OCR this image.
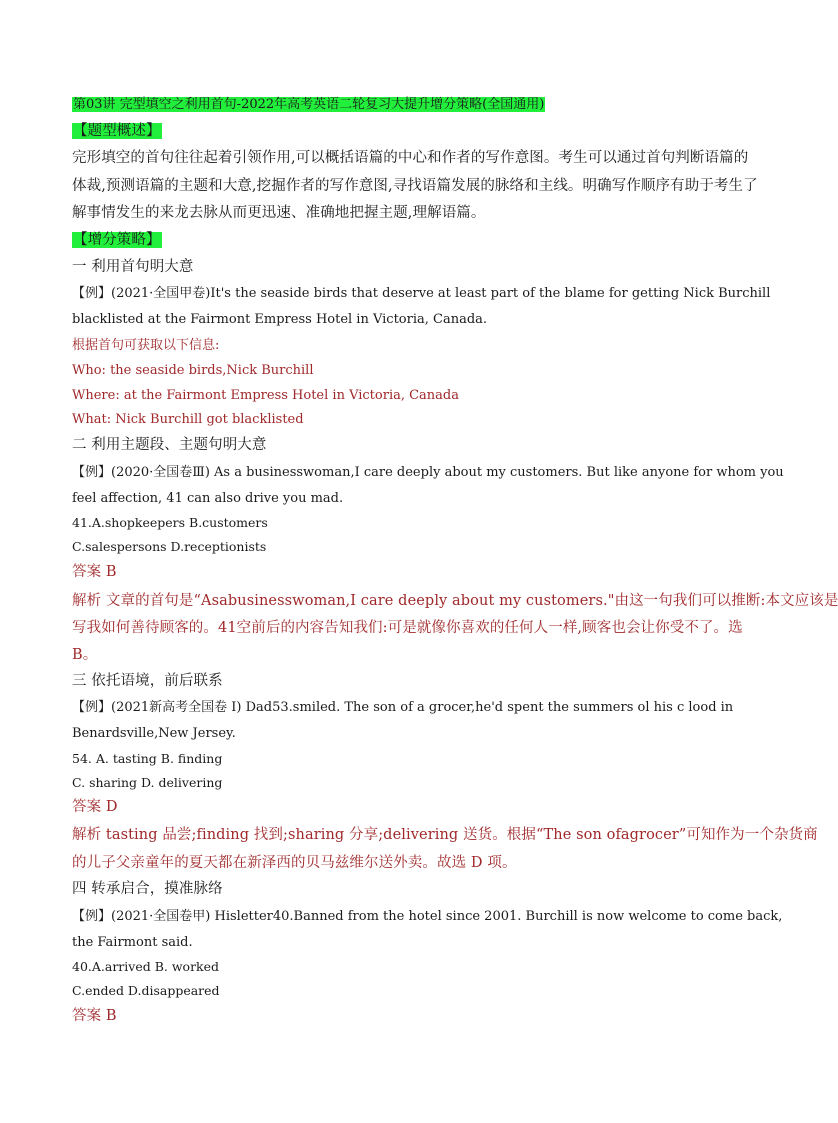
第03讲 完型填空之利用首句-2022年高考英语二轮复习大提升增分策略(全国通用)
【题型概述】
完形填空的首句往往起着引领作用,可以概括语篇的中心和作者的写作意图。考生可以通过首句判断语篇的
体裁,预测语篇的主题和大意,挖掘作者的写作意图,寻找语篇发展的脉络和主线。明确写作顺序有助于考生了
解事情发生的来龙去脉从而更迅速、准确地把握主题,理解语篇。
【增分策略】
一 利用首句明大意
【例】(2021·全国甲卷)It's the seaside birds that deserve at least part of the blame for getting Nick Burchill
blacklisted at the Fairmont Empress Hotel in Victoria, Canada.
根据首句可获取以下信息:
Who: the seaside birds,Nick Burchill
Where: at the Fairmont Empress Hotel in Victoria, Canada
What: Nick Burchill got blacklisted
二 利用主题段、主题句明大意
【例】(2020·全国卷Ⅲ) As a businesswoman,I care deeply about my customers. But like anyone for whom you
feel affection, 41 can also drive you mad.
41.A.shopkeepers B.customers
C.salespersons D.receptionists
答案 B
解析 文章的首句是“Asabusinesswoman,I care deeply about my customers."由这一句我们可以推断:本文应该是
写我如何善待顾客的。41空前后的内容告知我们:可是就像你喜欢的任何人一样,顾客也会让你受不了。选
B。
三 依托语境，前后联系
【例】(2021新高考全国卷 I) Dad53.smiled. The son of a grocer,he'd spent the summers ol his c lood in
Benardsville,New Jersey.
54. A. tasting B. finding
C. sharing D. delivering
答案 D
解析 tasting 品尝;finding 找到;sharing 分享;delivering 送货。根据“The son ofagrocer”可知作为一个杂货商
的儿子父亲童年的夏天都在新泽西的贝马兹维尔送外卖。故选 D 项。
四 转承启合，摸准脉络
【例】(2021·全国卷甲) Hisletter40.Banned from the hotel since 2001. Burchill is now welcome to come back,
the Fairmont said.
40.A.arrived B. worked
C.ended D.disappeared
答案 B
